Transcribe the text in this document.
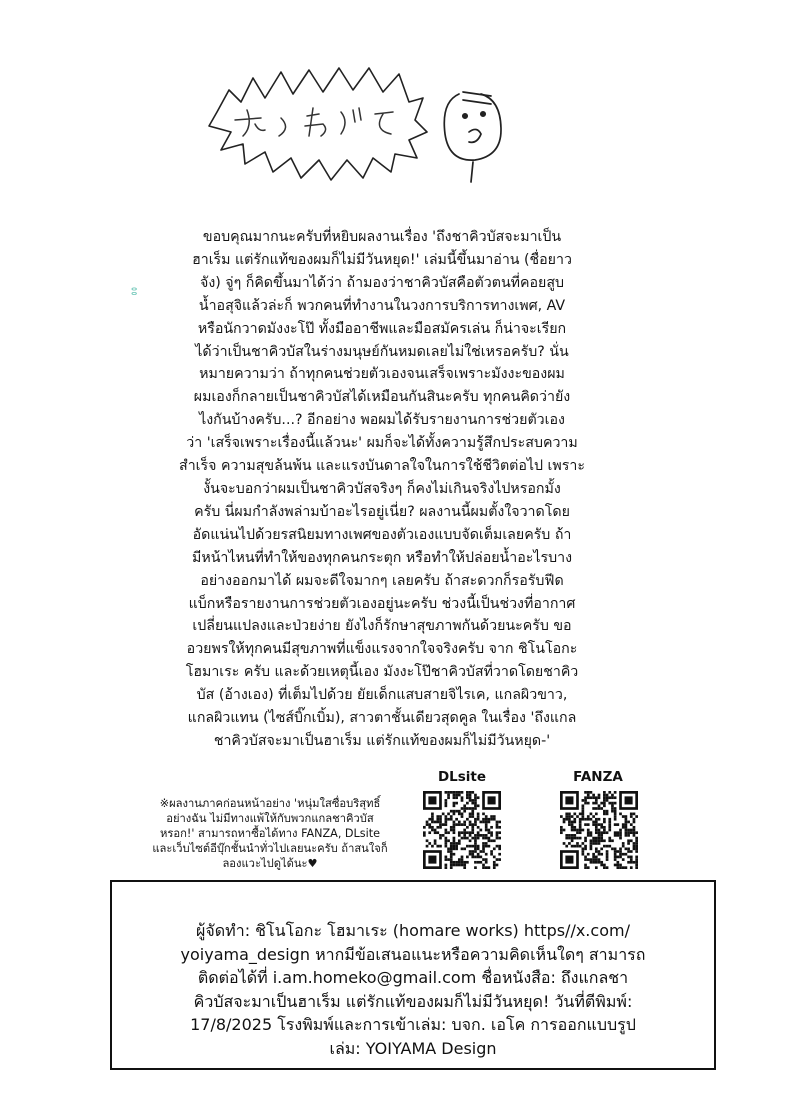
ⵓ
ขอบคุณมากนะครับที่หยิบผลงานเรื่อง 'ถึงชาคิวบัสจะมาเป็น
ฮาเร็ม แต่รักแท้ของผมก็ไม่มีวันหยุด!' เล่มนี้ขึ้นมาอ่าน (ชื่อยาว
จัง) จู่ๆ ก็คิดขึ้นมาได้ว่า ถ้ามองว่าชาคิวบัสคือตัวตนที่คอยสูบ
น้ำอสุจิแล้วล่ะก็ พวกคนที่ทำงานในวงการบริการทางเพศ, AV
หรือนักวาดมังงะโป๊ ทั้งมืออาชีพและมือสมัครเล่น ก็น่าจะเรียก
ได้ว่าเป็นชาคิวบัสในร่างมนุษย์กันหมดเลยไม่ใช่เหรอครับ? นั่น
หมายความว่า ถ้าทุกคนช่วยตัวเองจนเสร็จเพราะมังงะของผม
ผมเองก็กลายเป็นชาคิวบัสได้เหมือนกันสินะครับ ทุกคนคิดว่ายัง
ไงกันบ้างครับ...? อีกอย่าง พอผมได้รับรายงานการช่วยตัวเอง
ว่า 'เสร็จเพราะเรื่องนี้แล้วนะ' ผมก็จะได้ทั้งความรู้สึกประสบความ
สำเร็จ ความสุขล้นพ้น และแรงบันดาลใจในการใช้ชีวิตต่อไป เพราะ
งั้นจะบอกว่าผมเป็นชาคิวบัสจริงๆ ก็คงไม่เกินจริงไปหรอกมั้ง
ครับ นี่ผมกำลังพล่ามบ้าอะไรอยู่เนี่ย? ผลงานนี้ผมตั้งใจวาดโดย
อัดแน่นไปด้วยรสนิยมทางเพศของตัวเองแบบจัดเต็มเลยครับ ถ้า
มีหน้าไหนที่ทำให้ของทุกคนกระตุก หรือทำให้ปล่อยน้ำอะไรบาง
อย่างออกมาได้ ผมจะดีใจมากๆ เลยครับ ถ้าสะดวกก็รอรับฟีด
แบ็กหรือรายงานการช่วยตัวเองอยู่นะครับ ช่วงนี้เป็นช่วงที่อากาศ
เปลี่ยนแปลงและป่วยง่าย ยังไงก็รักษาสุขภาพกันด้วยนะครับ ขอ
อวยพรให้ทุกคนมีสุขภาพที่แข็งแรงจากใจจริงครับ จาก ชิโนโอกะ
โฮมาเระ ครับ และด้วยเหตุนี้เอง มังงะโป๊ชาคิวบัสที่วาดโดยชาคิว
บัส (อ้างเอง) ที่เต็มไปด้วย ยัยเด็กแสบสายจิไรเค, แกลผิวขาว,
แกลผิวแทน (ไซส์บิ๊กเบิ้ม), สาวตาชั้นเดียวสุดคูล ในเรื่อง 'ถึงแกล
ชาคิวบัสจะมาเป็นฮาเร็ม แต่รักแท้ของผมก็ไม่มีวันหยุด-'
※ผลงานภาคก่อนหน้าอย่าง 'หนุ่มใสซื่อบริสุทธิ์
อย่างฉัน ไม่มีทางแพ้ให้กับพวกแกลชาคิวบัส
หรอก!' สามารถหาซื้อได้ทาง FANZA, DLsite
และเว็บไซต์อีบุ๊กชั้นนำทั่วไปเลยนะครับ ถ้าสนใจก็
ลองแวะไปดูได้นะ♥
DLsite	FANZA
ผู้จัดทำ: ชิโนโอกะ โฮมาเระ (homare works) https//x.com/
yoiyama_design หากมีข้อเสนอแนะหรือความคิดเห็นใดๆ สามารถ
ติดต่อได้ที่ i.am.homeko@gmail.com ชื่อหนังสือ: ถึงแกลชา
คิวบัสจะมาเป็นฮาเร็ม แต่รักแท้ของผมก็ไม่มีวันหยุด! วันที่ตีพิมพ์:
17/8/2025 โรงพิมพ์และการเข้าเล่ม: บจก. เอโค การออกแบบรูป
เล่ม: YOIYAMA Design
